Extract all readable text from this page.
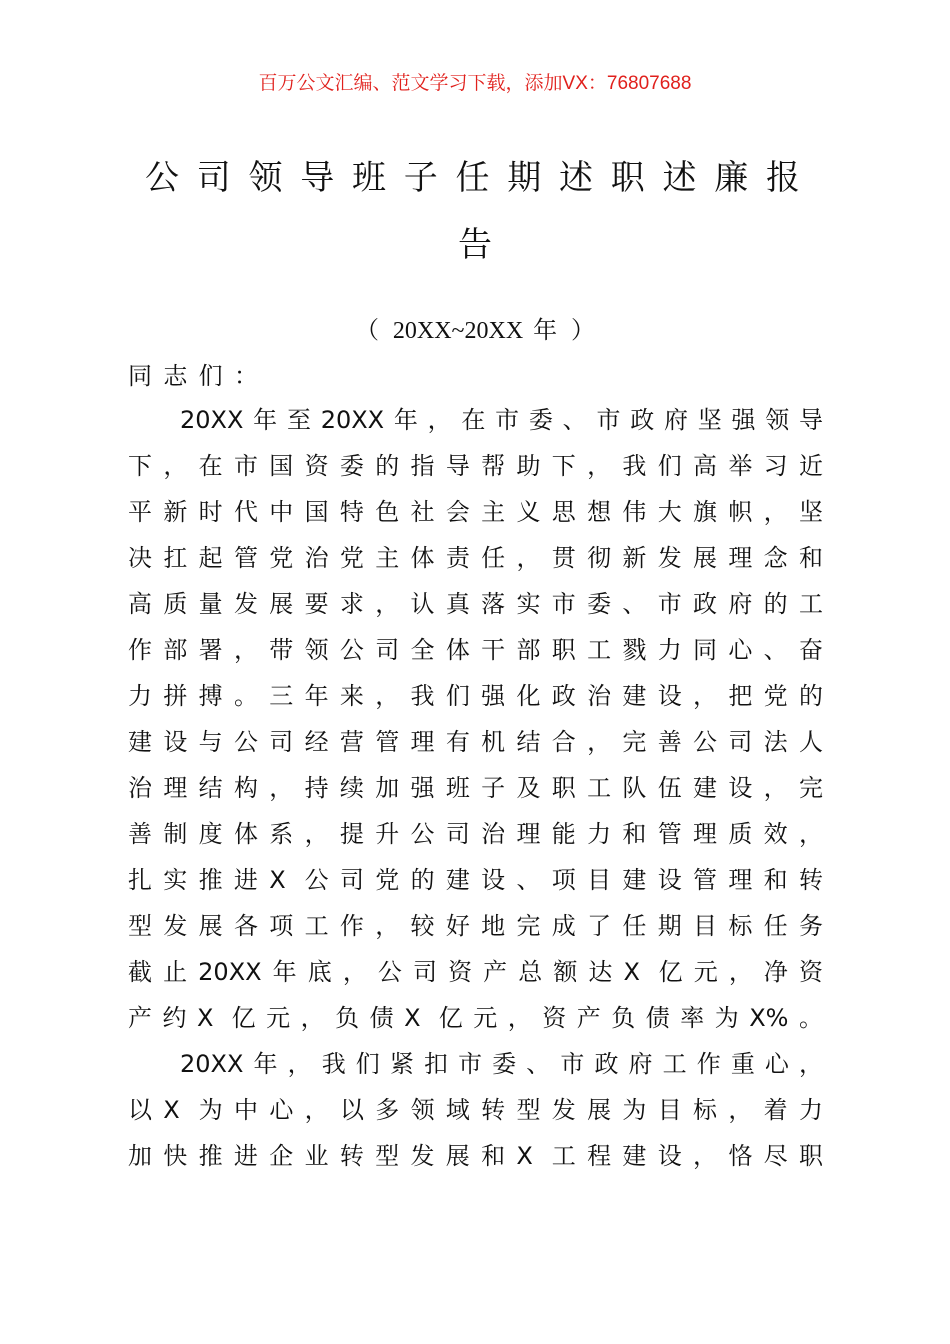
百万公文汇编、范文学习下载，添加VX：76807688
公司领导班子任期述职述廉报
告
（ 20XX~20XX 年 ）
同志们：
20XX年至20XX年，在市委、市政府坚强领导
下，在市国资委的指导帮助下，我们高举习近
平新时代中国特色社会主义思想伟大旗帜，坚
决扛起管党治党主体责任，贯彻新发展理念和
高质量发展要求，认真落实市委、市政府的工
作部署，带领公司全体干部职工戮力同心、奋
力拼搏。三年来，我们强化政治建设，把党的
建设与公司经营管理有机结合，完善公司法人
治理结构，持续加强班子及职工队伍建设，完
善制度体系，提升公司治理能力和管理质效，
扎实推进X 公司党的建设、项目建设管理和转
型发展各项工作，较好地完成了任期目标任务
截止20XX年底，公司资产总额达X 亿元，净资
产约X 亿元，负债X 亿元，资产负债率为X%。
20XX年，我们紧扣市委、市政府工作重心，
以X 为中心，以多领域转型发展为目标，着力
加快推进企业转型发展和X 工程建设，恪尽职
